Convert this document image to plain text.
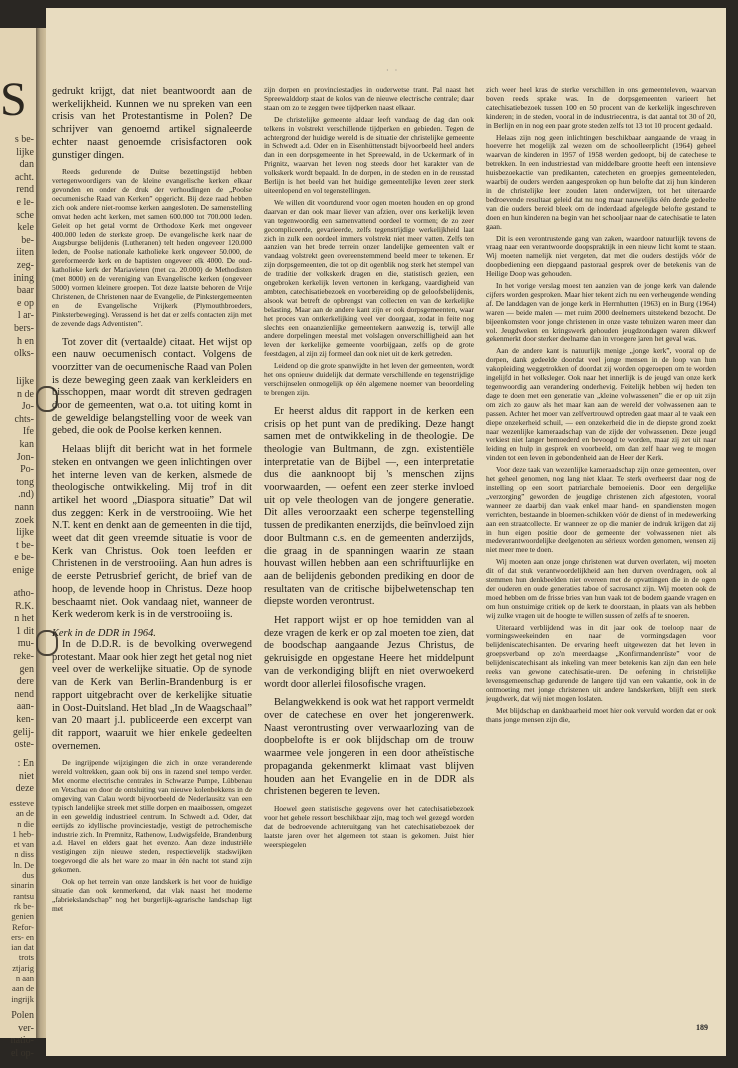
S
s be-
lijke
dan
acht.
rend
e le-
sche
kele
be-
iiten
zeg-
ining
baar
e op
l ar-
bers-
h en
olks-
lijke
n de
Jo-
chts-
Ife
kan
Jon-
Po-
tong
.nd)
nann
zoek
lijke
t be-
e be-
enige
atho-
R.K.
n het
1 dit
mu-
reke-
gen
dere
nend
aan-
ken-
gelij-
oste-
: En
niet
deze
essteve
an de
n die
1 heb-
et van
n diss
ln. De
dus
sinarin
rantsu
rk be-
genien
Refor-
ers- en
ian dat
trots
ztjarig
n aan
aan de
ingrijk
Polen
ver-
natio-
el op-
· ·

gedrukt krijgt, dat niet beantwoordt aan de werkelijkheid. Kunnen we nu spreken van een crisis van het Protestantisme in Polen? De schrijver van genoemd artikel signaleerde echter naast genoemde crisisfactoren ook gunstiger dingen.

Reeds gedurende de Duitse bezettingstijd hebben vertegenwoordigers van de kleine evangelische kerken elkaar gevonden en onder de druk der verhoudingen de „Poolse oecumenische Raad van Kerken” opgericht. Bij deze raad hebben zich ook andere niet-roomse kerken aangesloten. De samenstelling omvat heden acht kerken, met samen 600.000 tot 700.000 leden. Geleit op het getal vormt de Orthodoxe Kerk met ongeveer 400.000 leden de sterkste groep. De evangelische kerk naar de Augsburgse belijdenis (Lutheranen) telt heden ongeveer 120.000 leden, de Poolse nationale katholieke kerk ongeveer 50.000, de gereformeerde kerk en de baptisten ongeveer elk 4000. De oud-katholieke kerk der Mariavieten (met ca. 20.000) de Methodisten (met 8000) en de vereniging van Evangelische kerken (ongeveer 5000) vormen kleinere groepen. Tot deze laatste behoren de Vrije Christenen, de Christenen naar de Evangelie, de Pinkstergemeenten en de Evangelische Vrijkerk (Plymouthbroeders, Pinksterbeweging). Verassend is het dat er zelfs contacten zijn met de zevende dags Adventisten”.

Tot zover dit (vertaalde) citaat. Het wijst op een nauw oecumenisch contact. Volgens de voorzitter van de oecumenische Raad van Polen is deze beweging geen zaak van kerkleiders en bisschoppen, maar wordt dit streven gedragen door de gemeenten, wat o.a. tot uiting komt in de geweldige belangstelling voor de week van gebed, die ook de Poolse kerken kennen.

Helaas blijft dit bericht wat in het formele steken en ontvangen we geen inlichtingen over het interne leven van de kerken, alsmede de theologische ontwikkeling. Mij trof in dit artikel het woord „Diaspora situatie” Dat wil dus zeggen: Kerk in de verstrooiing. Wie het N.T. kent en denkt aan de gemeenten in die tijd, weet dat dit geen vreemde situatie is voor de Kerk van Christus. Ook toen leefden er Christenen in de verstrooiing. Aan hun adres is de eerste Petrusbrief gericht, de brief van de hoop, de levende hoop in Christus. Deze hoop beschaamt niet. Ook vandaag niet, wanneer de Kerk wederom kerk is in de verstrooiing is.

Kerk in de DDR in 1964.

In de D.D.R. is de bevolking overwegend protestant. Maar ook hier zegt het getal nog niet veel over de werkelijke situatie. Op de synode van de Kerk van Berlin-Brandenburg is er rapport uitgebracht over de kerkelijke situatie in Oost-Duitsland. Het blad „In de Waagschaal” van 20 maart j.l. publiceerde een excerpt van dit rapport, waaruit we hier enkele gedeelten overnemen.

De ingrijpende wijzigingen die zich in onze veranderende wereld voltrekken, gaan ook bij ons in razend snel tempo verder. Met enorme electrische centrales in Schwarze Pumpe, Lübbenau en Vetschau en door de ontsluiting van nieuwe kolenbekkens in de omgeving van Calau wordt bijvoorbeeld de Nederlausitz van een typisch landelijke streek met stille dorpen en maaibossen, omgezet in een geweldig industrieel centrum. In Schwedt a.d. Oder, dat eertijds zo idyllische provinciestadje, vestigt de petrochemische industrie zich. In Premnitz, Rathenow, Ludwigsfelde, Brandenburg a.d. Havel en elders gaat het evenzo. Aan deze industriële vestigingen zijn nieuwe steden, respectievelijk stadswijken toegevoegd die als het ware zo maar in één nacht tot stand zijn gekomen.

Ook op het terrein van onze landskerk is het voor de huidige situatie dan ook kenmerkend, dat vlak naast het moderne „fabriekslandschap” nog het burgerlijk-agrarische landschap ligt met

zijn dorpen en provinciestadjes in ouderwetse trant. Pal naast het Spreewalddorp staat de kolos van de nieuwe electrische centrale; daar staan om zo te zeggen twee tijdperken naast elkaar.

De christelijke gemeente aldaar leeft vandaag de dag dan ook telkens in volstrekt verschillende tijdperken en gebieden. Tegen de achtergrond der huidige wereld is de situatie der christelijke gemeente in Schwedt a.d. Oder en in Eisenhüttenstadt bijvoorbeeld heel anders dan in een dorpsgemeente in het Spreewald, in de Uckermark of in Prignitz, waarvan het leven nog steeds door het karakter van de volkskerk wordt bepaald. In de dorpen, in de steden en in de reusstad Berlijn is het beeld van het huidige gemeentelijke leven zeer sterk uiteenlopend en vol tegenstellingen.

We willen dit voortdurend voor ogen moeten houden en op grond daarvan er dan ook maar liever van afzien, over ons kerkelijk leven van tegenwoordig een samenvattend oordeel te vormen; de zo zeer gecompliceerde, gevarieerde, zelfs tegenstrijdige werkelijkheid laat zich in zulk een oordeel immers volstrekt niet meer vatten. Zelfs ten aanzien van het brede terrein onzer landelijke gemeenten valt er vandaag volstrekt geen overeenstemmend beeld meer te tekenen. Er zijn dorpsgemeenten, die tot op dit ogenblik nog sterk het stempel van de traditie der volkskerk dragen en die, statistisch gezien, een ongebroken kerkelijk leven vertonen in kerkgang, vaardigheid van ambten, catechisatiebezoek en voorbereiding op de geloofsbelijdenis, alsook wat betreft de opbrengst van collecten en van de kerkelijke belasting. Maar aan de andere kant zijn er ook dorpsgemeenten, waar het proces van ontkerkelijking veel ver doorgaat, zodat in feite nog slechts een onaanzienlijke gemeentekern aanwezig is, terwijl alle andere dorpelingen meestal met volslagen onverschilligheid aan het leven der kerkelijke gemeente voorbijgaan, zelfs op de grote feestdagen, al zijn zij formeel dan ook niet uit de kerk getreden.

Leidend op die grote spanwijdte in het leven der gemeenten, wordt het ons opnieuw duidelijk dat dermate verschillende en tegenstrijdige verschijnselen onmogelijk op één algemene noemer van beoordeling te brengen zijn.

Er heerst aldus dit rapport in de kerken een crisis op het punt van de prediking. Deze hangt samen met de ontwikkeling in de theologie. De theologie van Bultmann, de zgn. existentiële interpretatie van de Bijbel —, een interpretatie dus die aanknoopt bij 's menschen zijns voorwaarden, — oefent een zeer sterke invloed uit op vele theologen van de jongere generatie. Dit alles veroorzaakt een scherpe tegenstelling tussen de predikanten enerzijds, die beïnvloed zijn door Bultmann c.s. en de gemeenten anderzijds, die graag in de spanningen waarin ze staan houvast willen hebben aan een schriftuurlijke en aan de belijdenis gebonden prediking en door de resultaten van de critische bijbelwetenschap ten diepste worden verontrust.

Het rapport wijst er op hoe temidden van al deze vragen de kerk er op zal moeten toe zien, dat de boodschap aangaande Jezus Christus, de gekruisigde en opgestane Heere het middelpunt van de verkondiging blijft en niet overwoekerd wordt door allerlei filosofische vragen.

Belangwekkend is ook wat het rapport vermeldt over de catechese en over het jongerenwerk. Naast verontrusting over verwaarlozing van de doopbelofte is er ook blijdschap om de trouw waarmee vele jongeren in een door atheïstische propaganda gekenmerkt klimaat vast blijven houden aan het Evangelie en in de DDR als christenen begeren te leven.

Hoewel geen statistische gegevens over het catechisatiebezoek voor het gehele ressort beschikbaar zijn, mag toch wel gezegd worden dat de bedroevende achteruitgang van het catechisatiebezoek der laatste jaren over het algemeen tot staan is gekomen. Juist hier weerspiegelen

zich weer heel kras de sterke verschillen in ons gemeenteleven, waarvan boven reeds sprake was. In de dorpsgemeenten varieert het catechisatiebezoek tussen 100 en 50 procent van de kerkelijk ingeschreven kinderen; in de steden, vooral in de industriecentra, is dat aantal tot 30 of 20, in Berlijn en in nog een paar grote steden zelfs tot 13 tot 10 procent gedaald.

Helaas zijn nog geen inlichtingen beschikbaar aangaande de vraag in hoeverre het mogelijk zal wezen om de schoolleerplicht (1964) geheel waarvan de kinderen in 1957 of 1958 werden gedoopt, bij de catechese te betrekken. In een industriestad van middelbare grootte heeft een intensieve huisbezoekactie van predikanten, catecheten en groepjes gemeenteleden, waarbij de ouders werden aangesproken op hun belofte dat zij hun kinderen in de christelijke leer zouden laten onderwijzen, tot het uiteraarde bedroevende resultaat geleid dat nu nog maar nauwelijks één derde gedeelte van die ouders bereid bleek om de inderdaad afgelegde belofte gestand te doen en hun kinderen na begin van het schooljaar naar de catechisatie te laten gaan.

Dit is een verontrustende gang van zaken, waardoor natuurlijk tevens de vraag naar een verantwoorde doopspraktijk in een nieuw licht komt te staan. Wij moeten namelijk niet vergeten, dat met die ouders destijds vóór de doopbediening een diepgaand pastoraal gesprek over de betekenis van de Heilige Doop was gehouden.

In het vorige verslag moest ten aanzien van de jonge kerk van dalende cijfers worden gesproken. Maar hier tekent zich nu een verheugende wending af. De landdagen van de jonge kerk in Herrnhutten (1963) en in Burg (1964) waren — beide malen — met ruim 2000 deelnemers uitstekend bezocht. De bijeenkomsten voor jonge christenen in onze vaste tehuizen waren meer dan vol. Jeugdweken en kringswerk gehouden jeugdzondagen waren dikwerf gekenmerkt door sterker deelname dan in vroegere jaren het geval was.

Aan de andere kant is natuurlijk menige „jonge kerk”, vooral op de dorpen, dank gedeelde doordat veel jonge mensen in de loop van hun vakopleiding weggetrokken of doordat zij worden opgeroepen om te worden ingelijfd in het volksleger. Ook naar het innerlijk is de jeugd van onze kerk tegenwoordig aan verandering onderhevig. Feitelijk hebben wij heden ten dage te doen met een generatie van „kleine volwassenen” die er op uit zijn om zich zo gauw als het maar kan aan de wereld der volwassenen aan te passen. Achter het moer van zelfvertrouwd optreden gaat maar al te vaak een diepe onzekerheid schuil, — een onzekerheid die in de diepste grond zoekt naar wezenlijke kameraadschap van de zijde der volwassenen. Deze jeugd verkiest niet langer bemoederd en bevoogd te worden, maar zij zet uit naar leiding en hulp in gesprek en voorbeeld, om dan zelf haar weg te mogen vinden tot een leven in gebondenheid aan de Heer der Kerk.

Voor deze taak van wezenlijke kameraadschap zijn onze gemeenten, over het geheel genomen, nog lang niet klaar. Te sterk overheerst daar nog de instelling op een soort patriarchale bemoeienis. Door een dergelijke „verzorging” geworden de jeugdige christenen zich afgestoten, vooral wanneer ze daarbij dan vaak enkel maar hand- en spandiensten mogen verrichten, bestaande in bloemen-schikken vóór de dienst of in medewerking aan een straatcollecte. Er wanneer ze op die manier de indruk krijgen dat zij in hun eigen positie door de gemeente der volwassenen niet als medeverantwoordelijke deelgenoten au sérieux worden genomen, wensen zij niet meer mee te doen.

Wij moeten aan onze jonge christenen wat durven overlaten, wij moeten dit of dat stuk verantwoordelijkheid aan hen durven overdragen, ook al stemmen hun denkbeelden niet overeen met de opvattingen die in de ogen der ouderen en oude generaties taboe of sacrosanct zijn. Wij moeten ook de moed hebben om de frisse bries van hun vaak tot de bodem gaande vragen en om hun onstuimige critiek op de kerk te doorstaan, in plaats van als hebben wij zulke vragen uit de hoogte te willen sussen of zelfs af te snoeren.

Uiteraard verblijdend was in dit jaar ook de toeloop naar de vormingsweekeinden en naar de vormingsdagen voor belijdeniscatechisanten. De ervaring heeft uitgewezen dat het leven in groepsverband op zo'n meerdaagse „Konfirmandenrüste” voor de belijdeniscatechisant als inkeling van meer betekenis kan zijn dan een hele reeks van gewone catechisatie-uren. De oefening in christelijke levensgemeenschap gedurende de langere tijd van een vakantie, ook in de ontmoeting met jonge christenen uit andere landskerken, blijft een sterk jeugdwerk, dat wij niet mogen loslaten.

Met blijdschap en dankbaarheid moet hier ook vervuld worden dat er ook thans jonge mensen zijn die,

189
